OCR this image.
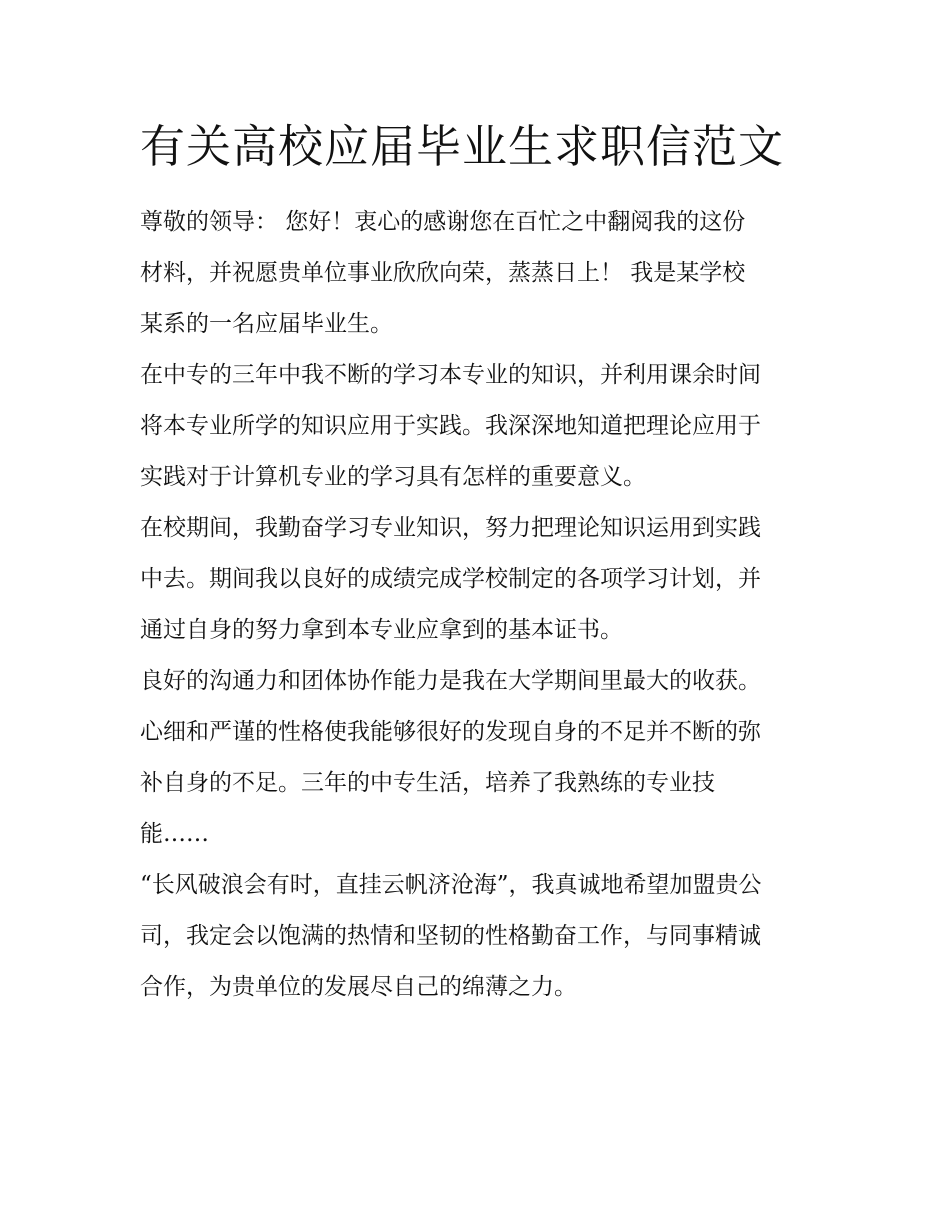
有关高校应届毕业生求职信范文

尊敬的领导： 您好！衷心的感谢您在百忙之中翻阅我的这份
材料，并祝愿贵单位事业欣欣向荣，蒸蒸日上！ 我是某学校
某系的一名应届毕业生。

在中专的三年中我不断的学习本专业的知识，并利用课余时间
将本专业所学的知识应用于实践。我深深地知道把理论应用于
实践对于计算机专业的学习具有怎样的重要意义。

在校期间，我勤奋学习专业知识，努力把理论知识运用到实践
中去。期间我以良好的成绩完成学校制定的各项学习计划，并
通过自身的努力拿到本专业应拿到的基本证书。

良好的沟通力和团体协作能力是我在大学期间里最大的收获。
心细和严谨的性格使我能够很好的发现自身的不足并不断的弥
补自身的不足。三年的中专生活，培养了我熟练的专业技
能……

“长风破浪会有时，直挂云帆济沧海”，我真诚地希望加盟贵公
司，我定会以饱满的热情和坚韧的性格勤奋工作，与同事精诚
合作，为贵单位的发展尽自己的绵薄之力。
